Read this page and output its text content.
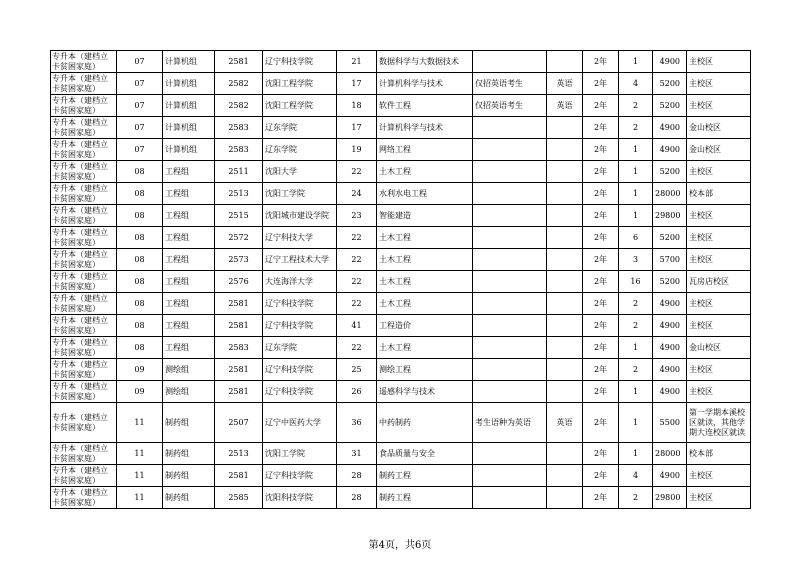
专升本（建档立卡贫困家庭）	07	计算机组	2581	辽宁科技学院	21	数据科学与大数据技术			2年	1	4900	主校区
专升本（建档立卡贫困家庭）	07	计算机组	2582	沈阳工程学院	17	计算机科学与技术	仅招英语考生	英语	2年	4	5200	主校区
专升本（建档立卡贫困家庭）	07	计算机组	2582	沈阳工程学院	18	软件工程	仅招英语考生	英语	2年	2	5200	主校区
专升本（建档立卡贫困家庭）	07	计算机组	2583	辽东学院	17	计算机科学与技术			2年	2	4900	金山校区
专升本（建档立卡贫困家庭）	07	计算机组	2583	辽东学院	19	网络工程			2年	1	4900	金山校区
专升本（建档立卡贫困家庭）	08	工程组	2511	沈阳大学	22	土木工程			2年	1	5200	主校区
专升本（建档立卡贫困家庭）	08	工程组	2513	沈阳工学院	24	水利水电工程			2年	1	28000	校本部
专升本（建档立卡贫困家庭）	08	工程组	2515	沈阳城市建设学院	23	智能建造			2年	1	29800	主校区
专升本（建档立卡贫困家庭）	08	工程组	2572	辽宁科技大学	22	土木工程			2年	6	5200	主校区
专升本（建档立卡贫困家庭）	08	工程组	2573	辽宁工程技术大学	22	土木工程			2年	3	5700	主校区
专升本（建档立卡贫困家庭）	08	工程组	2576	大连海洋大学	22	土木工程			2年	16	5200	瓦房店校区
专升本（建档立卡贫困家庭）	08	工程组	2581	辽宁科技学院	22	土木工程			2年	2	4900	主校区
专升本（建档立卡贫困家庭）	08	工程组	2581	辽宁科技学院	41	工程造价			2年	2	4900	主校区
专升本（建档立卡贫困家庭）	08	工程组	2583	辽东学院	22	土木工程			2年	1	4900	金山校区
专升本（建档立卡贫困家庭）	09	测绘组	2581	辽宁科技学院	25	测绘工程			2年	2	4900	主校区
专升本（建档立卡贫困家庭）	09	测绘组	2581	辽宁科技学院	26	遥感科学与技术			2年	1	4900	主校区
专升本（建档立卡贫困家庭）	11	制药组	2507	辽宁中医药大学	36	中药制药	考生语种为英语	英语	2年	1	5500	第一学期本溪校区就读，其他学期大连校区就读
专升本（建档立卡贫困家庭）	11	制药组	2513	沈阳工学院	31	食品质量与安全			2年	1	28000	校本部
专升本（建档立卡贫困家庭）	11	制药组	2581	辽宁科技学院	28	制药工程			2年	4	4900	主校区
专升本（建档立卡贫困家庭）	11	制药组	2585	沈阳科技学院	28	制药工程			2年	2	29800	主校区
第4页，共6页
